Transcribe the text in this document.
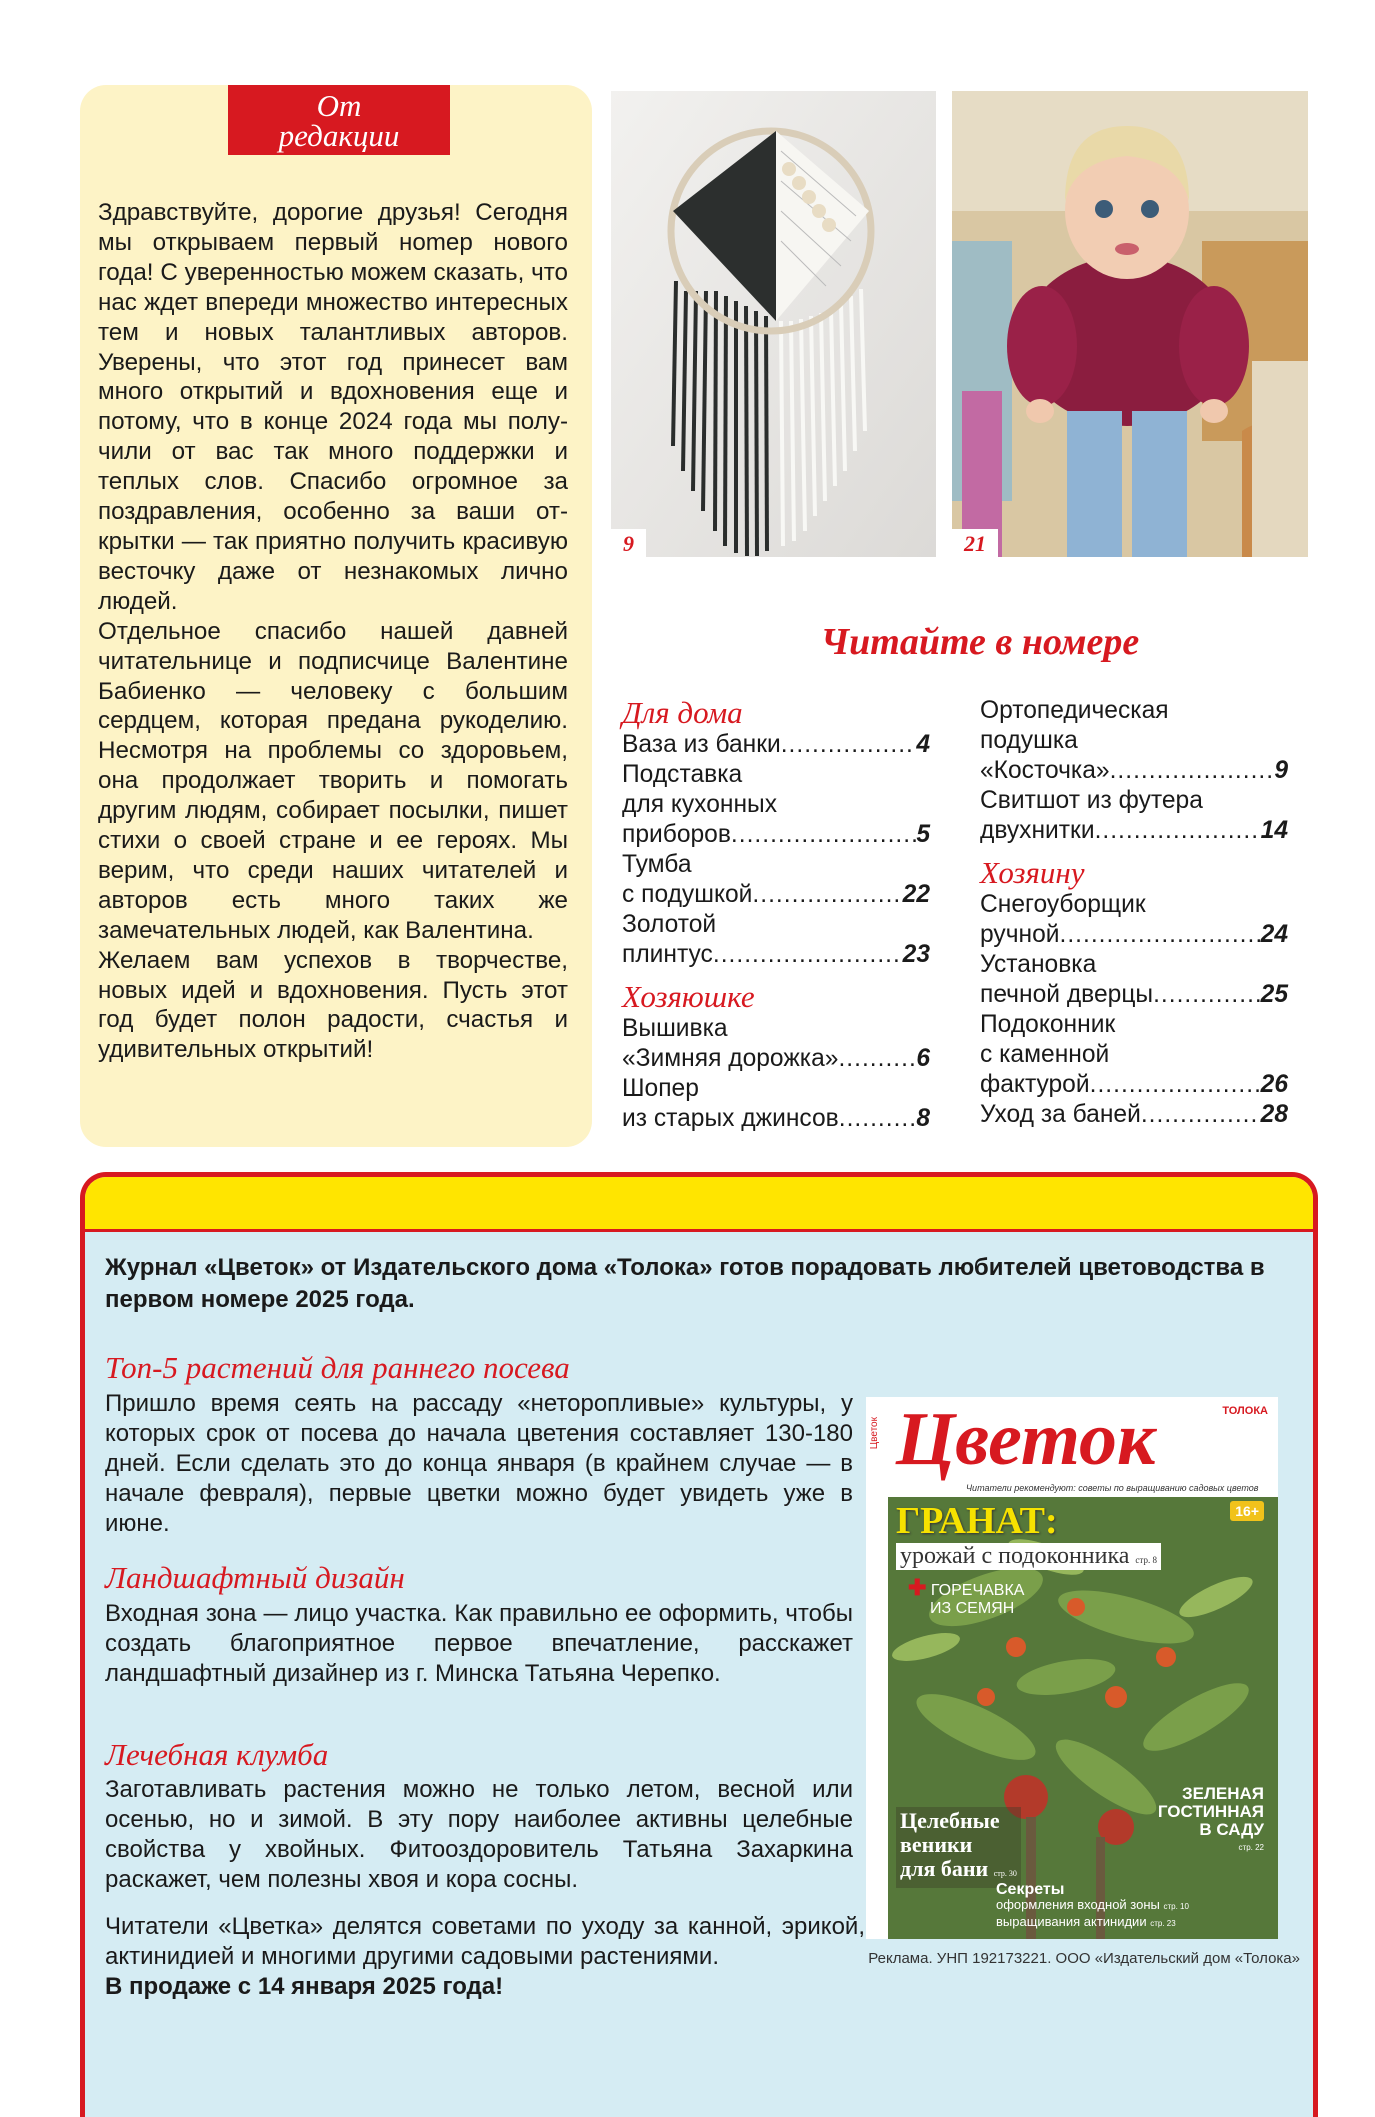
От
редакции

Здравствуйте, дорогие друзья! Сегодня мы открываем первый ноmер нового года! С уверенностью можем сказать, что нас ждет впереди множество интересных тем и новых талантливых авторов. Уверены, что этот год принесет вам много открытий и вдохновения еще и потому, что в конце 2024 года мы получили от вас так много поддержки и теплых слов. Спасибо огромное за поздравления, особенно за ваши открытки — так приятно получить красивую весточку даже от незнакомых лично людей.

Отдельное спасибо нашей давней читательнице и подписчице Валентине Бабиенко — человеку с большим сердцем, которая предана рукоделию. Несмотря на проблемы со здоровьем, она продолжает творить и помогать другим людям, собирает посылки, пишет стихи о своей стране и ее героях. Мы верим, что среди наших читателей и авторов есть много таких же замечательных людей, как Валентина.

Желаем вам успехов в творчестве, новых идей и вдохновения. Пусть этот год будет полон радости, счастья и удивительных открытий!

9	21
Читайте в номере
Для дома
Ваза из банки .....	4
Подставка
для кухонных
приборов .....	5
Тумба
с подушкой .....	22
Золотой
плинтус .....	23
Хозяюшке
Вышивка
«Зимняя дорожка» .....	6
Шопер
из старых джинсов .....	8
Ортопедическая
подушка
«Косточка» .....	9
Свитшот из футера
двухнитки .....	14
Хозяину
Снегоуборщик
ручной .....	24
Установка
печной дверцы .....	25
Подоконник
с каменной
фактурой .....	26
Уход за баней .....	28
Журнал «Цветок» от Издательского дома «Толока» готов порадовать любителей цветоводства в первом номере 2025 года.
Топ-5 растений для раннего посева
Пришло время сеять на рассаду «неторопливые» культуры, у которых срок от посева до начала цветения составляет 130-180 дней. Если сделать это до конца января (в крайнем случае — в начале февраля), первые цветки можно будет увидеть уже в июне.
Ландшафтный дизайн
Входная зона — лицо участка. Как правильно ее оформить, чтобы создать благоприятное первое впечатление, расскажет ландшафтный дизайнер из г. Минска Татьяна Черепко.
Лечебная клумба
Заготавливать растения можно не только летом, весной или осенью, но и зимой. В эту пору наиболее активны целебные свойства у хвойных. Фитооздоровитель Татьяна Захаркина раскажет, чем полезны хвоя и кора сосны.
Читатели «Цветка» делятся советами по уходу за канной, эрикой, актинидией и многими другими садовыми растениями.
В продаже с 14 января 2025 года!
Цветок	ТОЛОКА
Читатели рекомендуют: советы по выращиванию садовых цветов
Цветок
16+
ГРАНАТ:
урожай с подоконника стр. 8
✚ ГОРЕЧАВКА
ИЗ СЕМЯН
ЗЕЛЕНАЯ
ГОСТИННАЯ
В САДУ
стр. 22
Целебные
веники
для бани стр. 30
Секреты
оформления входной зоны стр. 10
выращивания актинидии стр. 23
Реклама. УНП 192173221. ООО «Издательский дом «Толока»
